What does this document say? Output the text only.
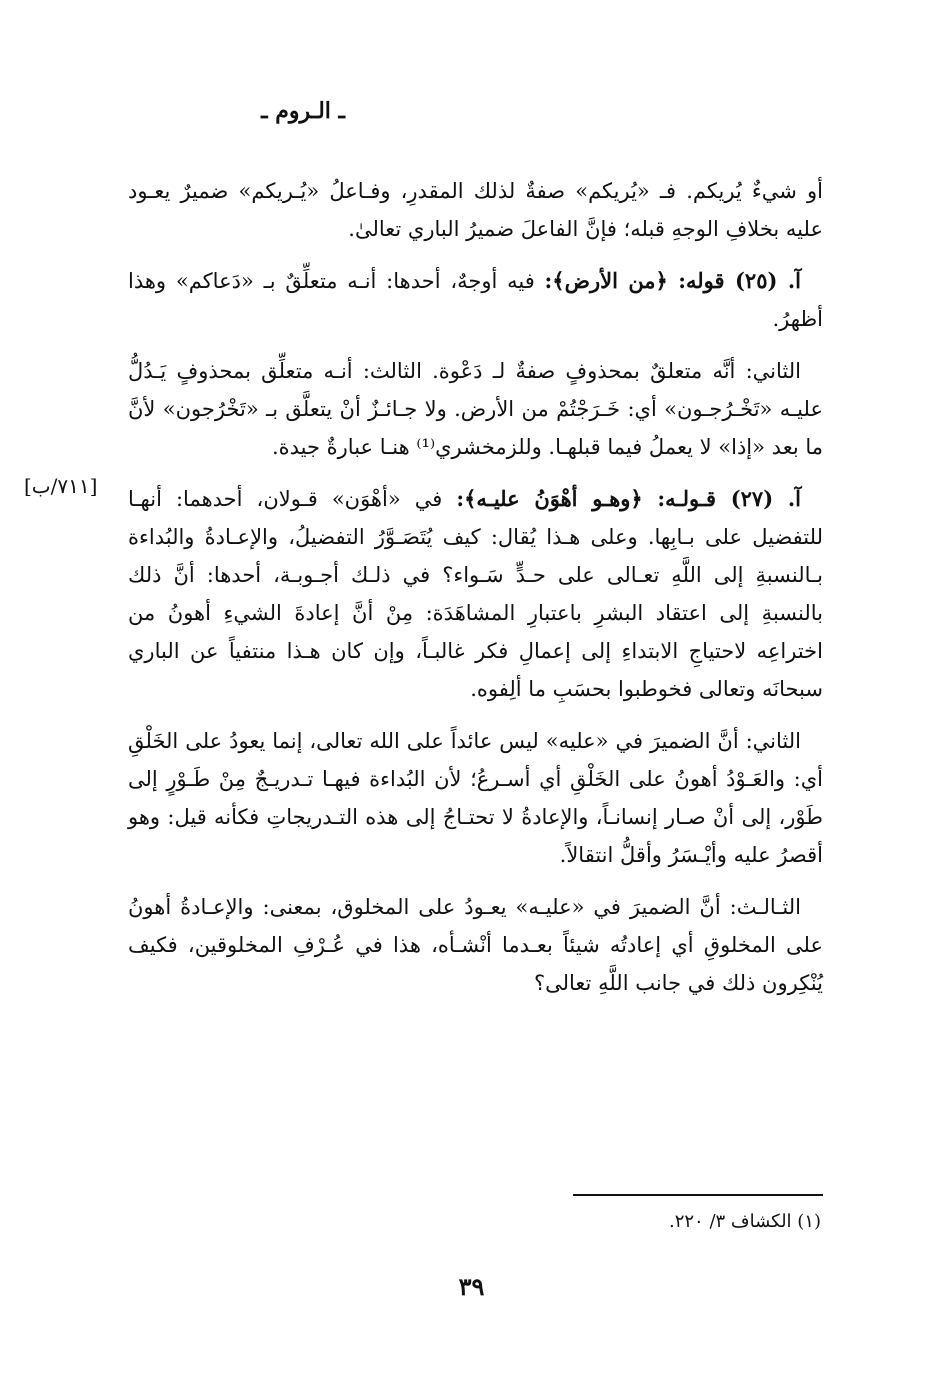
ـ الـروم ـ
[٧١١/ب]

أو شيءٌ يُريكم. فـ «يُريكم» صفةٌ لذلك المقدرِ، وفـاعلُ «يُـريكم» ضميرٌ يعـود عليه بخلافِ الوجهِ قبله؛ فإنَّ الفاعلَ ضميرُ الباري تعالىٰ.

آ. (٢٥) قوله: ﴿من الأرض﴾: فيه أوجهٌ، أحدها: أنـه متعلِّقٌ بـ «دَعاكم» وهذا أظهرُ.

الثاني: أنَّه متعلقٌ بمحذوفٍ صفةٌ لـ دَعْوة. الثالث: أنـه متعلِّق بمحذوفٍ يَـدُلُّ عليـه «تَخْـرُجـون» أي: خَـرَجْتُمْ من الأرض. ولا جـائـزٌ أنْ يتعلَّق بـ «تَخْرُجون» لأنَّ ما بعد «إذا» لا يعملُ فيما قبلهـا. وللزمخشري⁽¹⁾ هنـا عبارةٌ جيدة.

آ. (٢٧) قـولـه: ﴿وهـو أهْوَنُ عليـه﴾: في «أهْوَن» قـولان، أحدهما: أنهـا للتفضيل على بـابِها. وعلى هـذا يُقال: كيف يُتَصَـوَّرُ التفضيلُ، والإعـادةُ والبُداءة بـالنسبةِ إلى اللَّهِ تعـالى على حـدٍّ سَـواء؟ في ذلـك أجـوبـة، أحدها: أنَّ ذلك بالنسبةِ إلى اعتقاد البشرِ باعتبارِ المشاهَدَة: مِنْ أنَّ إعادةَ الشيءِ أهونُ من اختراعِه لاحتياجِ الابتداءِ إلى إعمالِ فكر غالبـاً، وإن كان هـذا منتفياً عن الباري سبحانَه وتعالى فخوطبوا بحسَبِ ما ألِفوه.

الثاني: أنَّ الضميرَ في «عليه» ليس عائداً على الله تعالى، إنما يعودُ على الخَلْقِ أي: والعَـوْدُ أهونُ على الخَلْقِ أي أسـرعُ؛ لأن البُداءة فيهـا تـدريـجٌ مِنْ طَـوْرٍ إلى طَوْر، إلى أنْ صـار إنسانـاً، والإعادةُ لا تحتـاجُ إلى هذه التـدريجاتِ فكأنه قيل: وهو أقصرُ عليه وأيْـسَرُ وأقلُّ انتقالاً.

الثـالـث: أنَّ الضميرَ في «عليـه» يعـودُ على المخلوق، بمعنى: والإعـادةُ أهونُ على المخلوقِ أي إعادتُه شيئاً بعـدما أنْشـأه، هذا في عُـرْفِ المخلوقين، فكيف يُنْكِرون ذلك في جانب اللَّهِ تعالى؟

(١) الكشاف ٣/ ٢٢٠.
٣٩
